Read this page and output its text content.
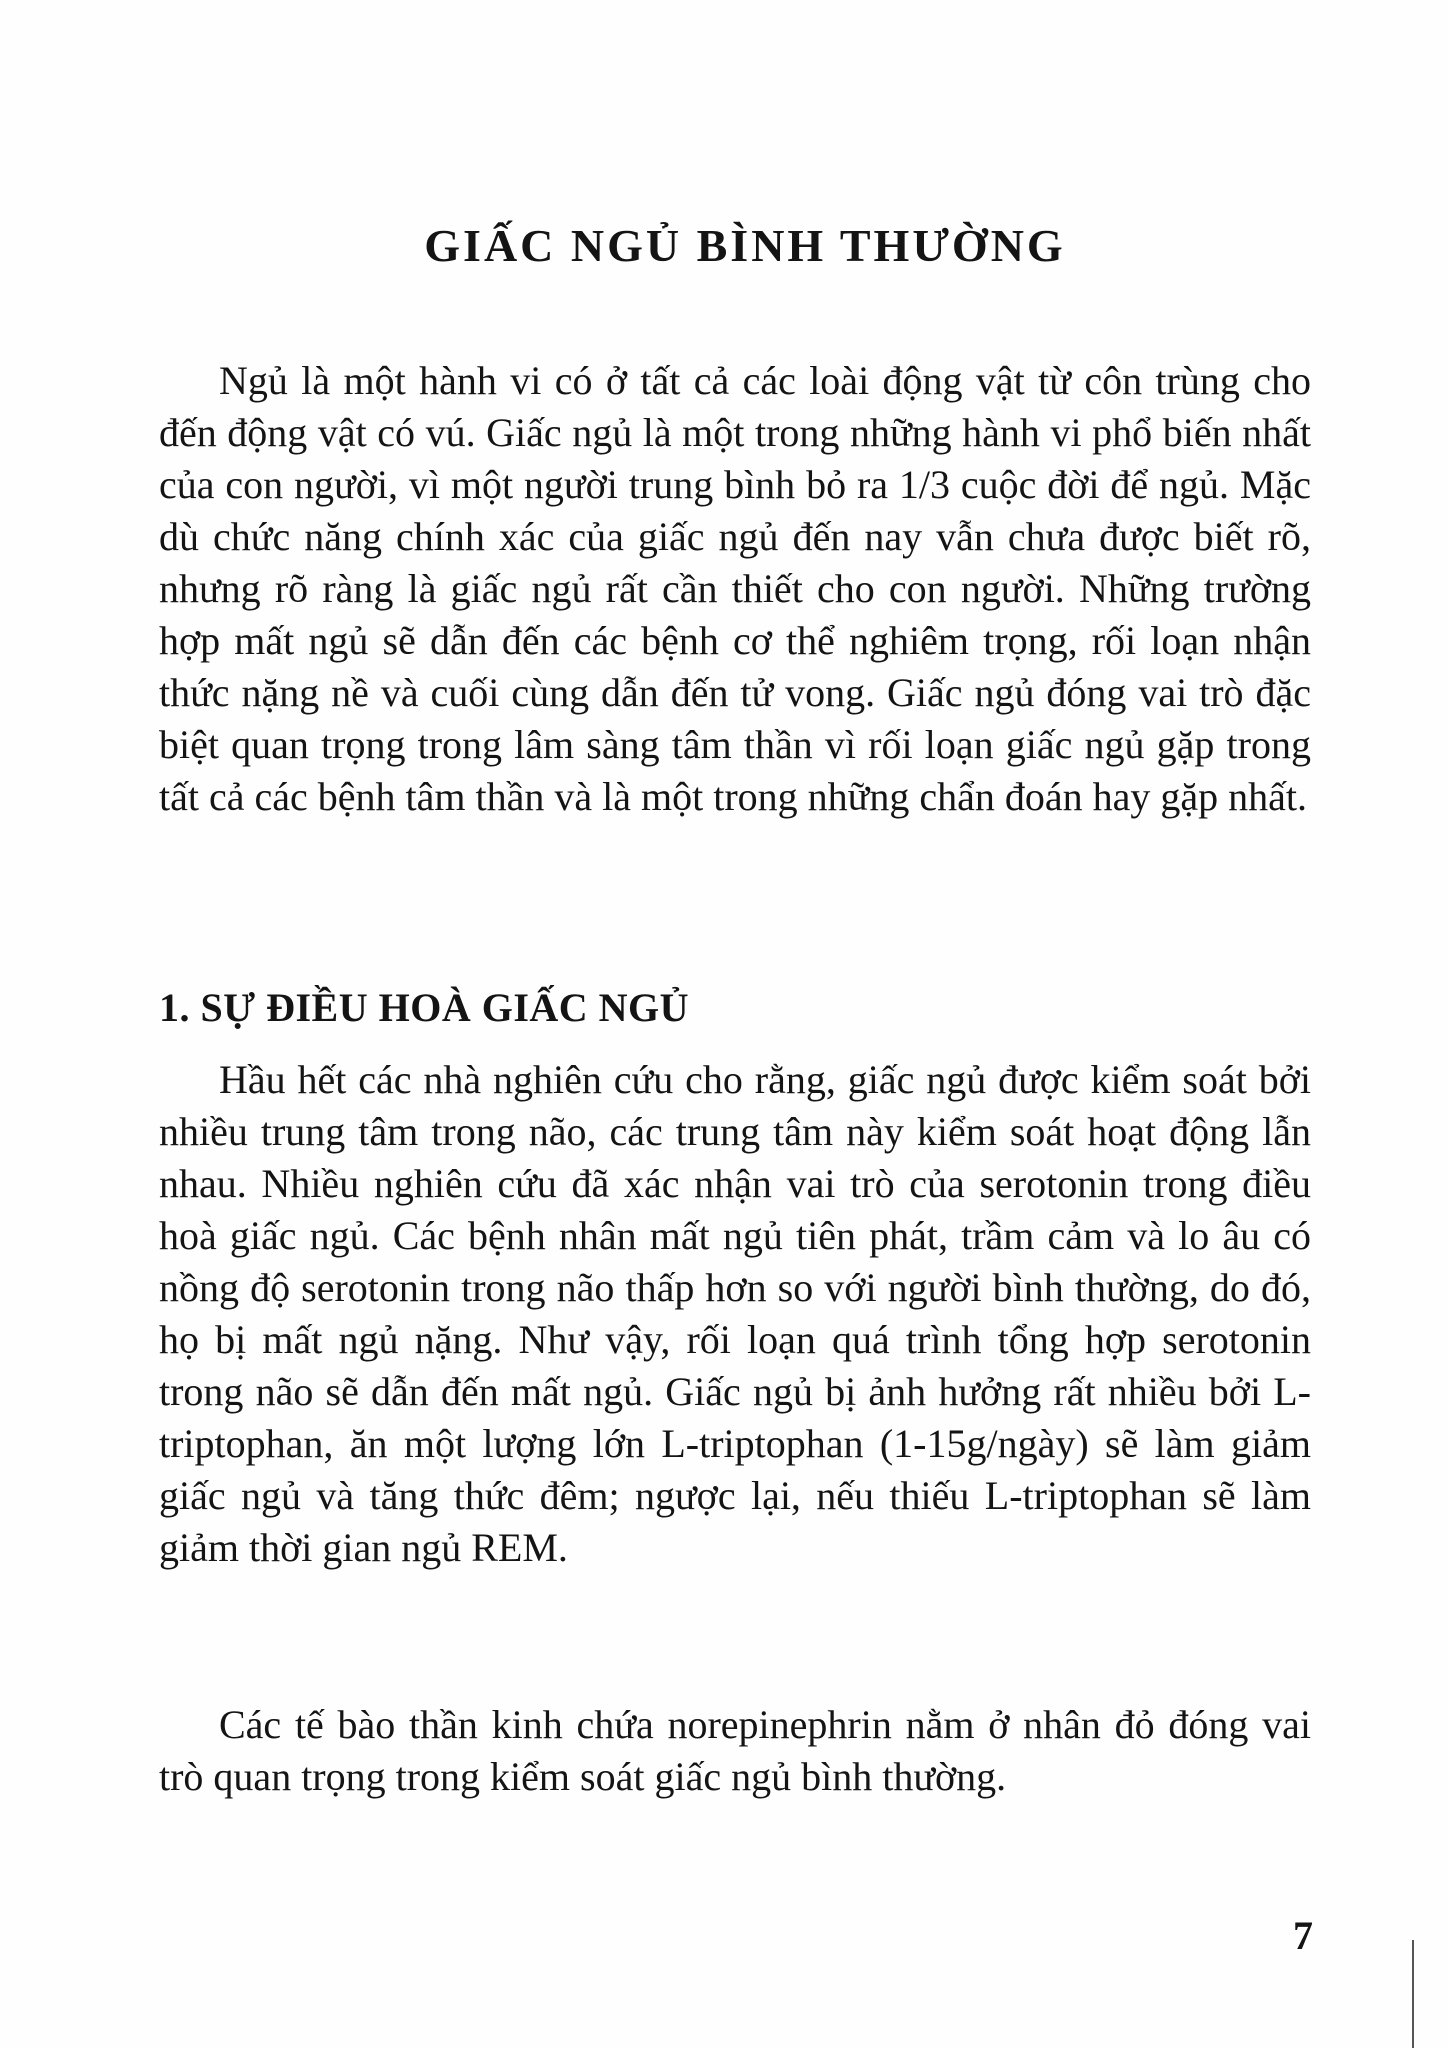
GIẤC NGỦ BÌNH THƯỜNG

Ngủ là một hành vi có ở tất cả các loài động vật từ côn trùng cho đến động vật có vú. Giấc ngủ là một trong những hành vi phổ biến nhất của con người, vì một người trung bình bỏ ra 1/3 cuộc đời để ngủ. Mặc dù chức năng chính xác của giấc ngủ đến nay vẫn chưa được biết rõ, nhưng rõ ràng là giấc ngủ rất cần thiết cho con người. Những trường hợp mất ngủ sẽ dẫn đến các bệnh cơ thể nghiêm trọng, rối loạn nhận thức nặng nề và cuối cùng dẫn đến tử vong. Giấc ngủ đóng vai trò đặc biệt quan trọng trong lâm sàng tâm thần vì rối loạn giấc ngủ gặp trong tất cả các bệnh tâm thần và là một trong những chẩn đoán hay gặp nhất.

1. SỰ ĐIỀU HOÀ GIẤC NGỦ

Hầu hết các nhà nghiên cứu cho rằng, giấc ngủ được kiểm soát bởi nhiều trung tâm trong não, các trung tâm này kiểm soát hoạt động lẫn nhau. Nhiều nghiên cứu đã xác nhận vai trò của serotonin trong điều hoà giấc ngủ. Các bệnh nhân mất ngủ tiên phát, trầm cảm và lo âu có nồng độ serotonin trong não thấp hơn so với người bình thường, do đó, họ bị mất ngủ nặng. Như vậy, rối loạn quá trình tổng hợp serotonin trong não sẽ dẫn đến mất ngủ. Giấc ngủ bị ảnh hưởng rất nhiều bởi L-triptophan, ăn một lượng lớn L-triptophan (1-15g/ngày) sẽ làm giảm giấc ngủ và tăng thức đêm; ngược lại, nếu thiếu L-triptophan sẽ làm giảm thời gian ngủ REM.

Các tế bào thần kinh chứa norepinephrin nằm ở nhân đỏ đóng vai trò quan trọng trong kiểm soát giấc ngủ bình thường.

7
